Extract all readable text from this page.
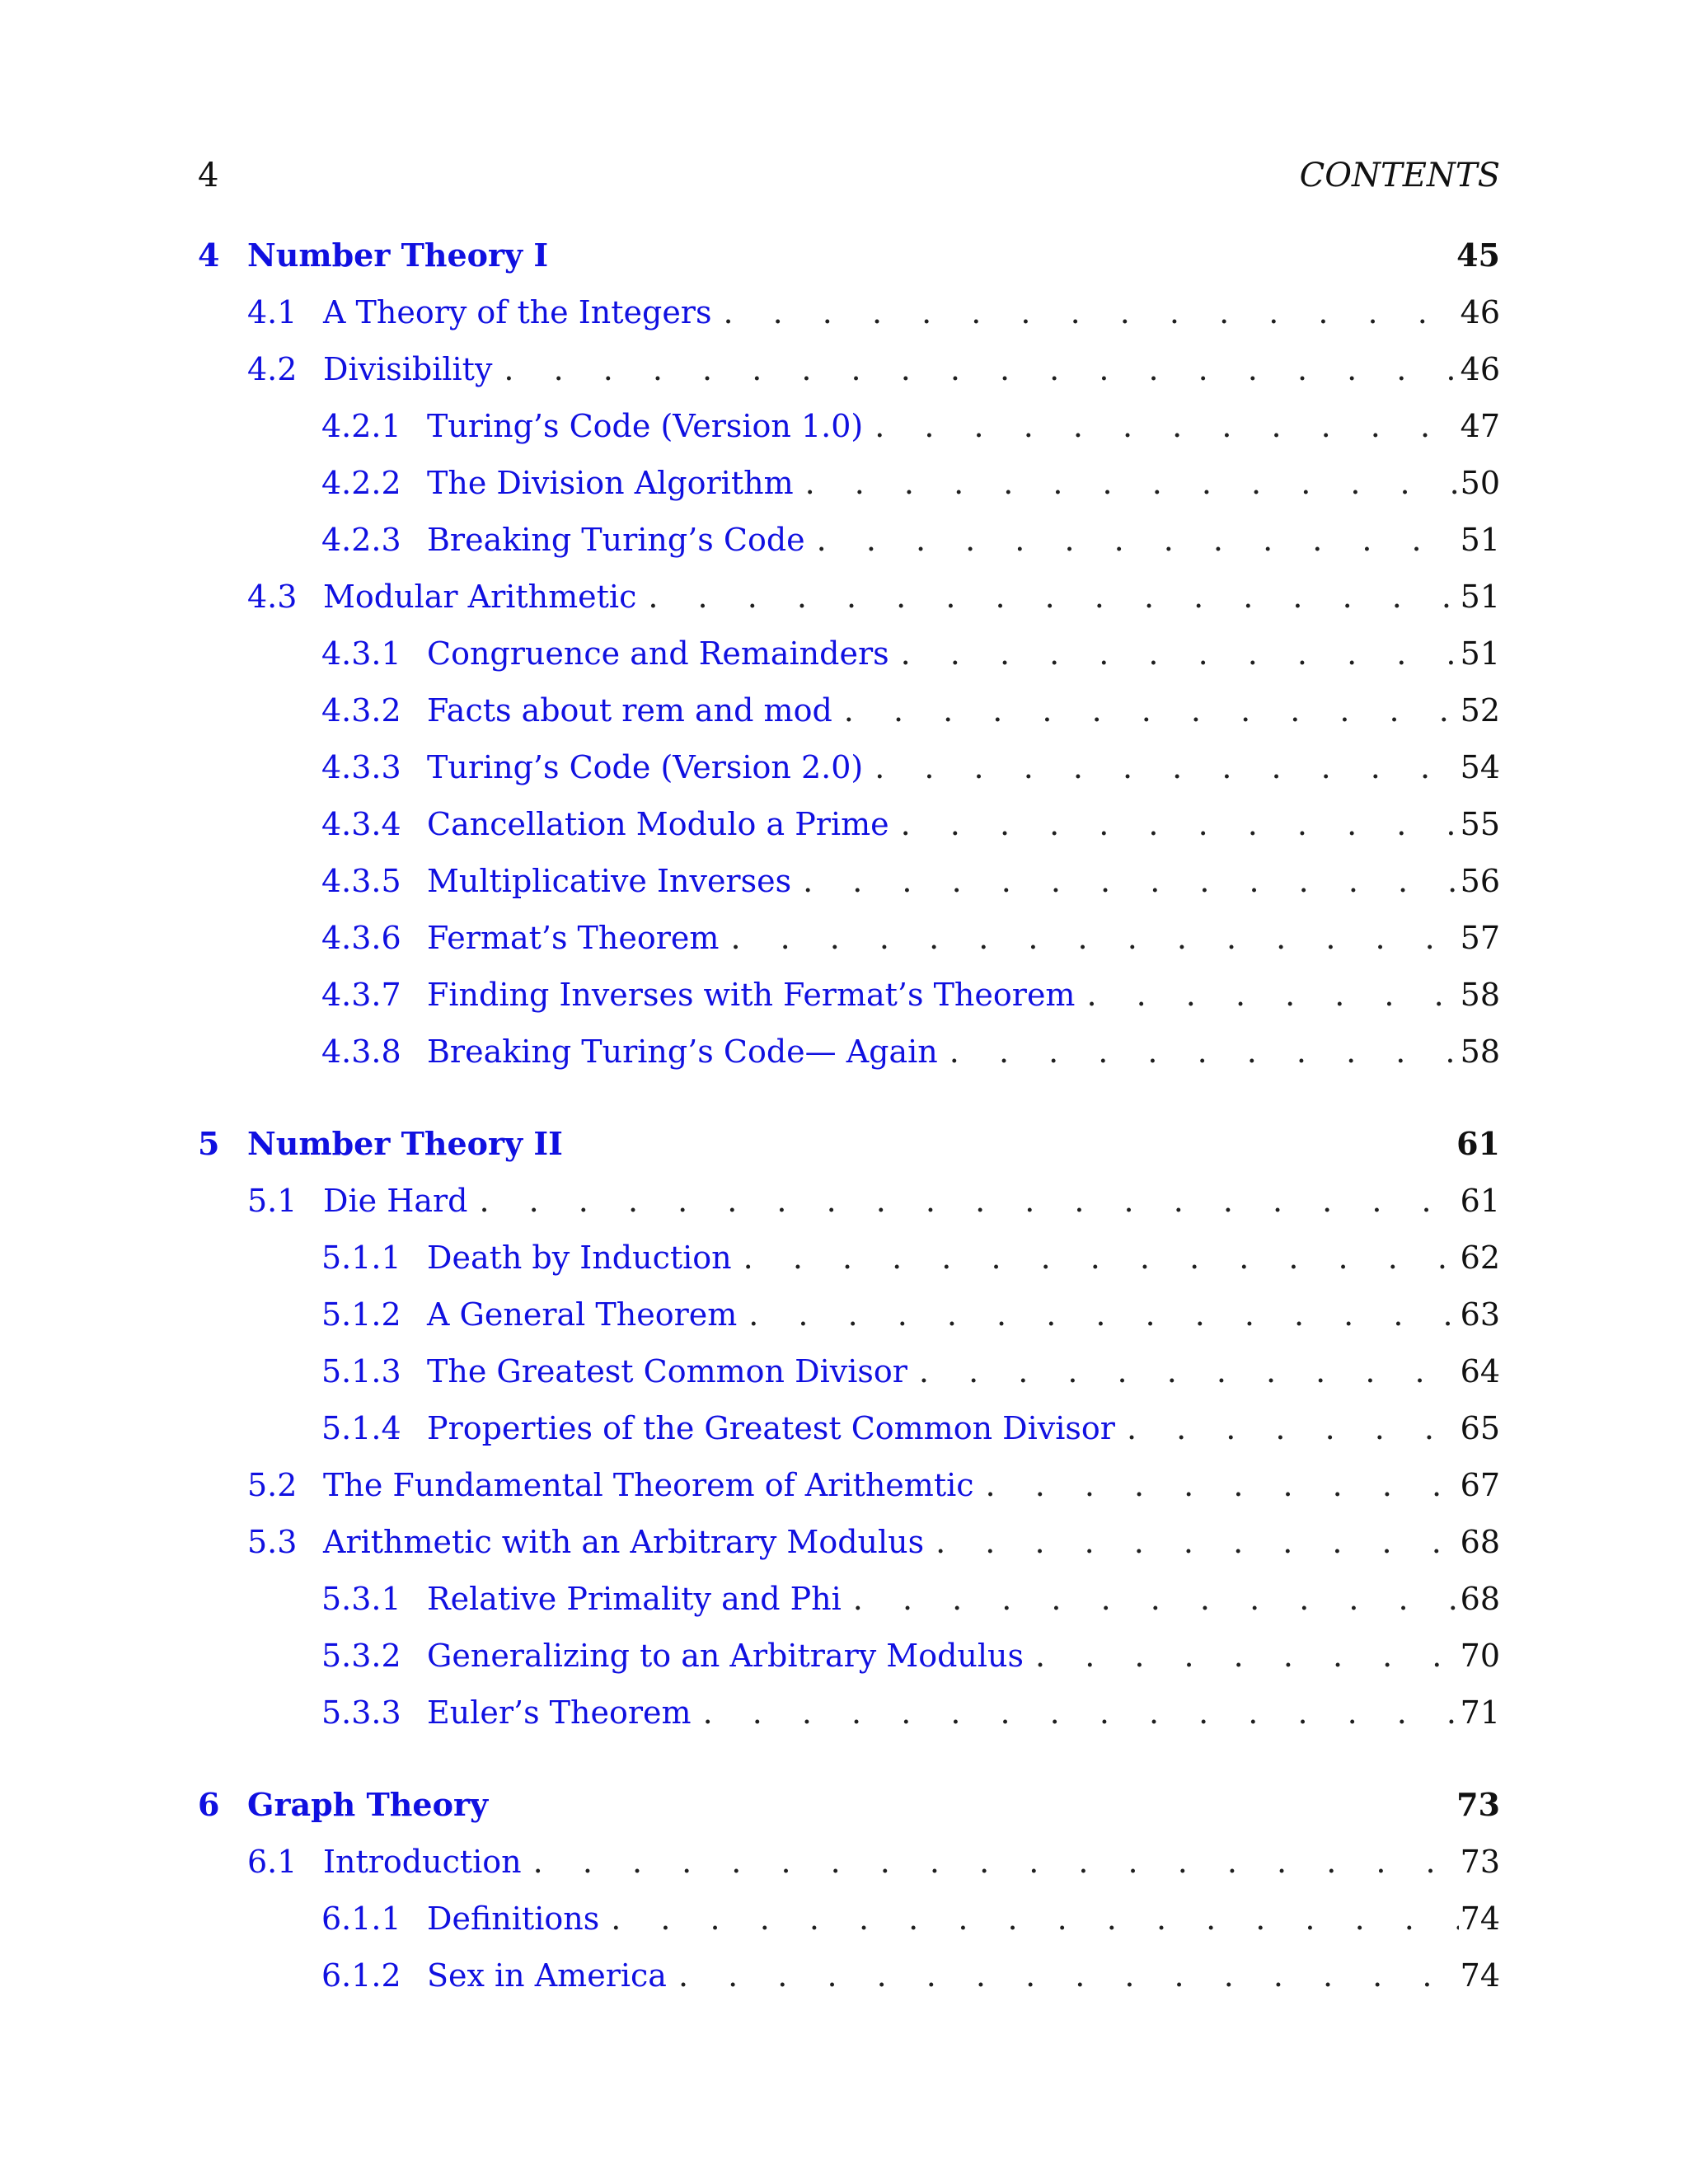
4	CONTENTS
4 Number Theory I	45
4.1 A Theory of the Integers . . .	46
4.2 Divisibility . . .	46
4.2.1 Turing’s Code (Version 1.0) . . .	47
4.2.2 The Division Algorithm . . .	50
4.2.3 Breaking Turing’s Code . . .	51
4.3 Modular Arithmetic . . .	51
4.3.1 Congruence and Remainders . . .	51
4.3.2 Facts about rem and mod . . .	52
4.3.3 Turing’s Code (Version 2.0) . . .	54
4.3.4 Cancellation Modulo a Prime . . .	55
4.3.5 Multiplicative Inverses . . .	56
4.3.6 Fermat’s Theorem . . .	57
4.3.7 Finding Inverses with Fermat’s Theorem . . .	58
4.3.8 Breaking Turing’s Code— Again . . .	58
5 Number Theory II	61
5.1 Die Hard . . .	61
5.1.1 Death by Induction . . .	62
5.1.2 A General Theorem . . .	63
5.1.3 The Greatest Common Divisor . . .	64
5.1.4 Properties of the Greatest Common Divisor . . .	65
5.2 The Fundamental Theorem of Arithemtic . . .	67
5.3 Arithmetic with an Arbitrary Modulus . . .	68
5.3.1 Relative Primality and Phi . . .	68
5.3.2 Generalizing to an Arbitrary Modulus . . .	70
5.3.3 Euler’s Theorem . . .	71
6 Graph Theory	73
6.1 Introduction . . .	73
6.1.1 Definitions . . .	74
6.1.2 Sex in America . . .	74
